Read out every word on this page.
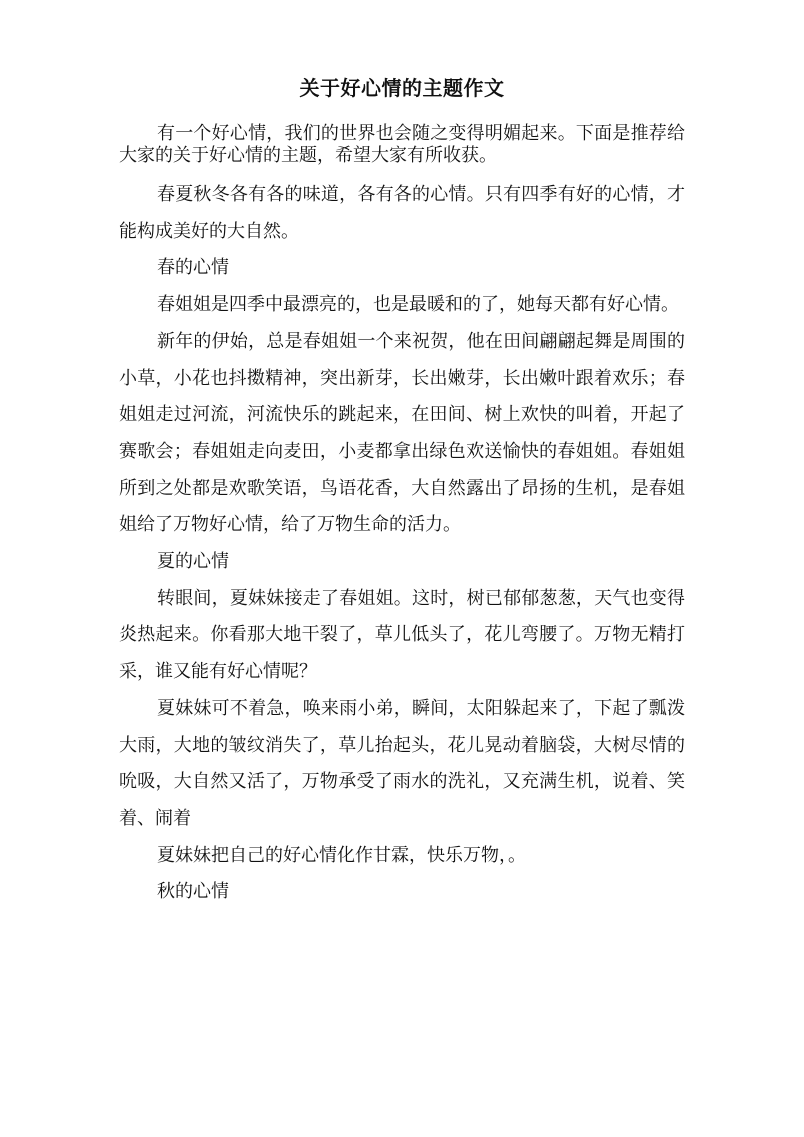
关于好心情的主题作文

有一个好心情，我们的世界也会随之变得明媚起来。下面是推荐给大家的关于好心情的主题，希望大家有所收获。

春夏秋冬各有各的味道，各有各的心情。只有四季有好的心情，才能构成美好的大自然。

春的心情

春姐姐是四季中最漂亮的，也是最暖和的了，她每天都有好心情。

新年的伊始，总是春姐姐一个来祝贺，他在田间翩翩起舞是周围的小草，小花也抖擞精神，突出新芽，长出嫩芽，长出嫩叶跟着欢乐；春姐姐走过河流，河流快乐的跳起来，在田间、树上欢快的叫着，开起了赛歌会；春姐姐走向麦田，小麦都拿出绿色欢送愉快的春姐姐。春姐姐所到之处都是欢歌笑语，鸟语花香，大自然露出了昂扬的生机，是春姐姐给了万物好心情，给了万物生命的活力。

夏的心情

转眼间，夏妹妹接走了春姐姐。这时，树已郁郁葱葱，天气也变得炎热起来。你看那大地干裂了，草儿低头了，花儿弯腰了。万物无精打采，谁又能有好心情呢？

夏妹妹可不着急，唤来雨小弟，瞬间，太阳躲起来了，下起了瓢泼大雨，大地的皱纹消失了，草儿抬起头，花儿晃动着脑袋，大树尽情的吮吸，大自然又活了，万物承受了雨水的洗礼，又充满生机，说着、笑着、闹着

夏妹妹把自己的好心情化作甘霖，快乐万物，。

秋的心情
